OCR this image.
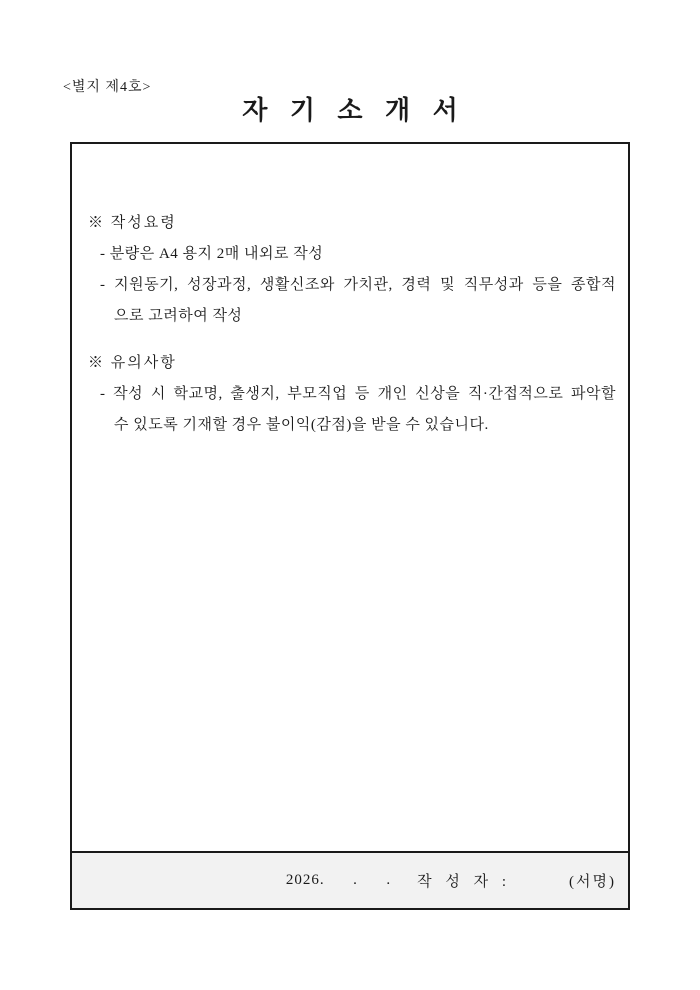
<별지 제4호>
자 기 소 개 서
※ 작성요령
- 분량은 A4 용지 2매 내외로 작성
- 지원동기, 성장과정, 생활신조와 가치관, 경력 및 직무성과 등을 종합적
으로 고려하여 작성
※ 유의사항
- 작성 시 학교명, 출생지, 부모직업 등 개인 신상을 직·간접적으로 파악할
수 있도록 기재할 경우 불이익(감점)을 받을 수 있습니다.
2026.      .      . 작 성 자 :	(서명)
